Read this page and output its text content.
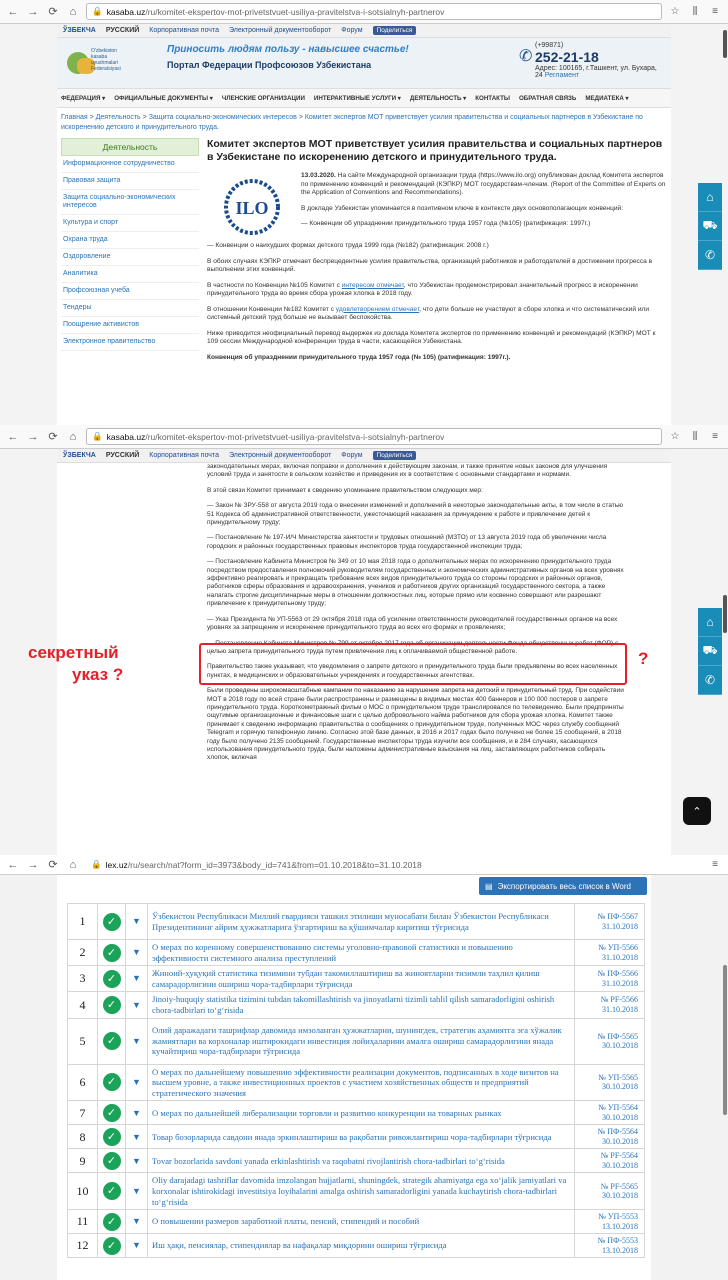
← → ⟳	⌂	🔒 kasaba.uz/ru/komitet-ekspertov-mot-privetstvuet-usiliya-pravitelstva-i-sotsialnyh-partnerov	☆	⫼	≡
ЎЗБЕКЧА РУССКИЙ Корпоративная почта Электронный документооборот Форум	Поделиться
O'zbekiston kasaba uyushmalari Federatsiyasi
Приносить людям пользу - навысшее счастье!
Портал Федерации Профсоюзов Узбекистана	✆
(+99871)
252-21-18
Адрес: 100165, г.Ташкент, ул. Бухара,
24 Регламент
ФЕДЕРАЦИЯ ▾ ОФИЦИАЛЬНЫЕ ДОКУМЕНТЫ ▾ ЧЛЕНСКИЕ ОРГАНИЗАЦИИ ИНТЕРАКТИВНЫЕ УСЛУГИ ▾ ДЕЯТЕЛЬНОСТЬ ▾ КОНТАКТЫ ОБРАТНАЯ СВЯЗЬ МЕДИАТЕКА ▾
Главная > Деятельность > Защита социально-экономических интересов > Комитет экспертов МОТ приветствует усилия правительства и социальных партнеров в Узбекистане по искоренению детского и принудительного труда.
Деятельность
Информационное сотрудничество
Правовая защита
Защита социально-экономических интересов
Культура и спорт
Охрана труда
Оздоровление
Аналитика
Профсоюзная учеба
Тендеры
Поощрение активистов
Электронное правительство
Комитет экспертов МОТ приветствует усилия правительства и социальных партнеров в Узбекистане по искоренению детского и принудительного труда.
ILO

13.03.2020. На сайте Международной организации труда (https://www.ilo.org) опубликован доклад Комитета экспертов по применению конвенций и рекомендаций (КЭПКР) МОТ государствам-членам. (Report of the Committee of Experts on the Application of Conventions and Recommendations).

В докладе Узбекистан упоминается в позитивном ключе в контексте двух основополагающих конвенций:

— Конвенции об упразднении принудительного труда 1957 года (№105) (ратификация: 1997г.)

— Конвенции о наихудших формах детского труда 1999 года (№182) (ратификация: 2008 г.)

В обоих случаях КЭПКР отмечает беспрецедентные усилия правительства, организаций работников и работодателей в достижении прогресса в выполнении этих конвенций.

В частности по Конвенции №105 Комитет с интересом отмечает, что Узбекистан продемонстрировал значительный прогресс в искоренении принудительного труда во время сбора урожая хлопка в 2018 году.

В отношении Конвенции №182 Комитет с удовлетворением отмечает, что дети больше не участвуют в сборе хлопка и что систематический или системный детский труд больше не вызывает беспокойства.

Ниже приводится неофициальный перевод выдержек из доклада Комитета экспертов по применению конвенций и рекомендаций (КЭПКР) МОТ к 109 сессии Международной конференции труда в части, касающейся Узбекистана.

Конвенция об упразднении принудительного труда 1957 года (№ 105) (ратификация: 1997г.).

⌂
⛟
✆
← → ⟳	⌂	🔒 kasaba.uz/ru/komitet-ekspertov-mot-privetstvuet-usiliya-pravitelstva-i-sotsialnyh-partnerov	☆	⫼	≡
ЎЗБЕКЧА РУССКИЙ Корпоративная почта Электронный документооборот Форум	Поделиться

законодательных мерах, включая поправки и дополнения к действующим законам, и также принятие новых законов для улучшения условий труда и занятости в сельском хозяйстве и приведения их в соответствие с основными стандартами и нормами.

В этой связи Комитет принимает к сведению упоминание правительством следующих мер:

— Закон № ЗРУ-558 от августа 2019 года о внесении изменений и дополнений в некоторые законодательные акты, в том числе в статью 51 Кодекса об административной ответственности, ужесточающий наказания за принуждение к работе и привлечение детей к принудительному труду;

— Постановление № 197-И/Ч Министерства занятости и трудовых отношений (МЗТО) от 13 августа 2019 года об увеличении числа городских и районных государственных правовых инспекторов труда государственной инспекции труда;

— Постановление Кабинета Министров № 349 от 10 мая 2018 года о дополнительных мерах по искоренению принудительного труда посредством предоставления полномочий руководителям государственных и экономических административных органов на всех уровнях эффективно реагировать и прекращать требование всех видов принудительного труда со стороны городских и районных органов, работников сферы образования и здравоохранения, учеников и работников других организаций государственного сектора, а также налагать строгие дисциплинарные меры в отношении должностных лиц, которые прямо или косвенно совершают или разрешают привлечение к принудительному труду;

— Указ Президента № УП-5563 от 29 октября 2018 года об усилении ответственности руководителей государственных органов на всех уровнях за запрещение и искоренение принудительного труда во всех его формах и проявлениях;

— Постановление Кабинета Министров № 799 от октября 2017 года об организации деятельности Фонда общественных работ (ФОР) с целью запрета принудительного труда путем привлечения лиц к оплачиваемой общественной работе.

Правительство также указывает, что уведомления о запрете детского и принудительного труда были предъявлены во всех населенных пунктах, в медицинских и образовательных учреждениях и государственных агентствах.

Были проведены широкомасштабные кампании по наказанию за нарушение запрета на детский и принудительный труд. При содействии МОТ в 2018 году по всей стране были распространены и размещены в видимых местах 400 баннеров и 100 000 постеров о запрете принудительного труда. Короткометражный фильм о МОС о принудительном труде транслировался по телевидению. Были предприняты ощутимые организационные и финансовые шаги с целью добровольного найма работников для сбора урожая хлопка. Комитет также принимает к сведению информацию правительства о сообщениях о принудительном труде, полученных МОС через службу сообщений Telegram и горячую телефонную линию. Согласно этой базе данных, в 2016 и 2017 годах было получено не более 15 сообщений, в 2018 году было получено 2135 сообщений. Государственные инспекторы труда изучили все сообщения, и в 284 случаях, касающихся использования принудительного труда, были наложены административные взыскания на лиц, заставляющих работников собирать хлопок, включая

секретный
указ ?
?
⌂
⛟
✆
⌃
← → ⟳	⌂	🔒 lex.uz/ru/search/nat?form_id=3973&body_id=741&from=01.10.2018&to=31.10.2018	≡
▤ Экспортировать весь список в Word
1	✓	▼	Ўзбекистон Республикаси Миллий гвардияси ташкил этилиши муносабати билан Ўзбекистон Республикаси Президентининг айрим ҳужжатларига ўзгартириш ва қўшимчалар киритиш тўғрисида	№ ПФ-5567
31.10.2018

2	✓	▼	О мерах по коренному совершенствованию системы уголовно-правовой статистики и повышению эффективности системного анализа преступлений	№ УП-5566
31.10.2018

3	✓	▼	Жиноий-ҳуқуқий статистика тизимини тубдан такомиллаштириш ва жиноятларни тизимли таҳлил қилиш самарадорлигини ошириш чора-тадбирлари тўғрисида	№ ПФ-5566
31.10.2018

4	✓	▼	Jinoiy-huquqiy statistika tizimini tubdan takomillashtirish va jinoyatlarni tizimli tahlil qilish samaradorligini oshirish chora-tadbirlari to‘g‘risida	№ PF-5566
31.10.2018

5	✓	▼	Олий даражадаги ташрифлар давомида имзоланган ҳужжатларни, шунингдек, стратегик аҳамиятга эга хўжалик жамиятлари ва корхоналар иштирокидаги инвестиция лойиҳаларини амалга ошириш самарадорлигини янада кучайтириш чора-тадбирлари тўғрисида	№ ПФ-5565
30.10.2018

6	✓	▼	О мерах по дальнейшему повышению эффективности реализации документов, подписанных в ходе визитов на высшем уровне, а также инвестиционных проектов с участием хозяйственных обществ и предприятий стратегического значения	№ УП-5565
30.10.2018

7	✓	▼	О мерах по дальнейшей либерализации торговли и развитию конкуренции на товарных рынках	№ УП-5564
30.10.2018

8	✓	▼	Товар бозорларида савдони янада эркинлаштириш ва рақобатни ривожлантириш чора-тадбирлари тўғрисида	№ ПФ-5564
30.10.2018

9	✓	▼	Tovar bozorlarida savdoni yanada erkinlashtirish va raqobatni rivojlantirish chora-tadbirlari to‘g‘risida	№ PF-5564
30.10.2018

10	✓	▼	Oliy darajadagi tashriflar davomida imzolangan hujjatlarni, shuningdek, strategik ahamiyatga ega xo‘jalik jamiyatlari va korxonalar ishtirokidagi investitsiya loyihalarini amalga oshirish samaradorligini yanada kuchaytirish chora-tadbirlari to‘g‘risida	№ PF-5565
30.10.2018

11	✓	▼	О повышении размеров заработной платы, пенсий, стипендий и пособий	№ УП-5553
13.10.2018

12	✓	▼	Иш ҳақи, пенсиялар, стипендиялар ва нафақалар миқдорини ошириш тўғрисида	№ ПФ-5553
13.10.2018
